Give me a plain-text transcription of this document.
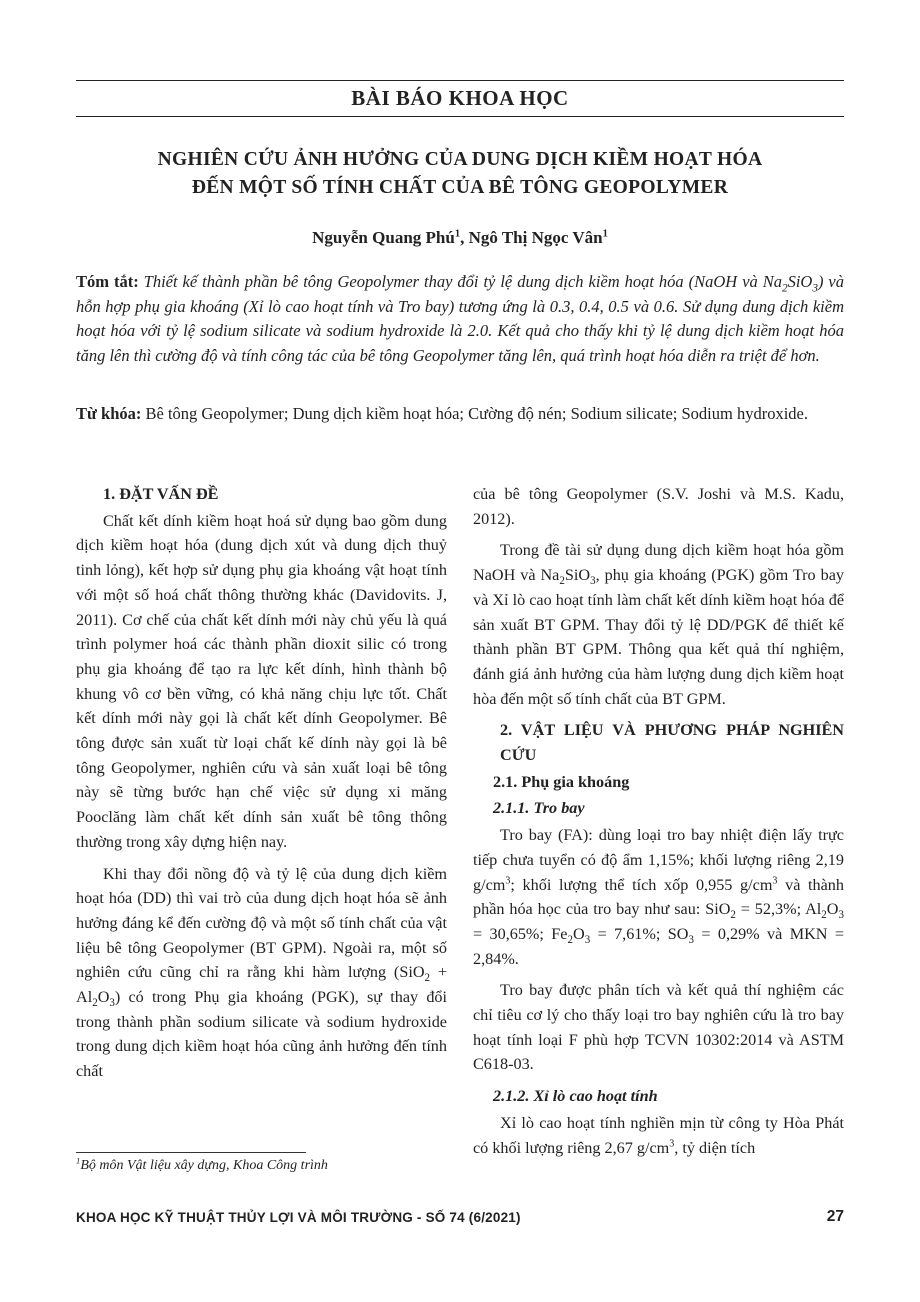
BÀI BÁO KHOA HỌC
NGHIÊN CỨU ẢNH HƯỞNG CỦA DUNG DỊCH KIỀM HOẠT HÓA
ĐẾN MỘT SỐ TÍNH CHẤT CỦA BÊ TÔNG GEOPOLYMER
Nguyễn Quang Phú$^1$, Ngô Thị Ngọc Vân$^1$
Tóm tắt: Thiết kế thành phần bê tông Geopolymer thay đổi tỷ lệ dung dịch kiềm hoạt hóa (NaOH và $Na_2SiO_3$) và hỗn hợp phụ gia khoáng (Xỉ lò cao hoạt tính và Tro bay) tương ứng là 0.3, 0.4, 0.5 và 0.6. Sử dụng dung dịch kiềm hoạt hóa với tỷ lệ sodium silicate và sodium hydroxide là 2.0. Kết quả cho thấy khi tỷ lệ dung dịch kiềm hoạt hóa tăng lên thì cường độ và tính công tác của bê tông Geopolymer tăng lên, quá trình hoạt hóa diễn ra triệt để hơn.
Từ khóa: Bê tông Geopolymer; Dung dịch kiềm hoạt hóa; Cường độ nén; Sodium silicate; Sodium hydroxide.
1. ĐẶT VẤN ĐỀ

Chất kết dính kiềm hoạt hoá sử dụng bao gồm dung dịch kiềm hoạt hóa (dung dịch xút và dung dịch thuỷ tinh lỏng), kết hợp sử dụng phụ gia khoáng vật hoạt tính với một số hoá chất thông thường khác (Davidovits. J, 2011). Cơ chế của chất kết dính mới này chủ yếu là quá trình polymer hoá các thành phần dioxit silic có trong phụ gia khoáng để tạo ra lực kết dính, hình thành bộ khung vô cơ bền vững, có khả năng chịu lực tốt. Chất kết dính mới này gọi là chất kết dính Geopolymer. Bê tông được sản xuất từ loại chất kế dính này gọi là bê tông Geopolymer, nghiên cứu và sản xuất loại bê tông này sẽ từng bước hạn chế việc sử dụng xi măng Pooclăng làm chất kết dính sản xuất bê tông thông thường trong xây dựng hiện nay.

Khi thay đổi nồng độ và tỷ lệ của dung dịch kiềm hoạt hóa (DD) thì vai trò của dung dịch hoạt hóa sẽ ảnh hưởng đáng kể đến cường độ và một số tính chất của vật liệu bê tông Geopolymer (BT GPM). Ngoài ra, một số nghiên cứu cũng chỉ ra rằng khi hàm lượng $(SiO_2 + Al_2O_3)$ có trong Phụ gia khoáng (PGK), sự thay đổi trong thành phần sodium silicate và sodium hydroxide trong dung dịch kiềm hoạt hóa cũng ảnh hưởng đến tính chất

$^1$Bộ môn Vật liệu xây dựng, Khoa Công trình

của bê tông Geopolymer (S.V. Joshi và M.S. Kadu, 2012).

Trong đề tài sử dụng dung dịch kiềm hoạt hóa gồm NaOH và $Na_2SiO_3$, phụ gia khoáng (PGK) gồm Tro bay và Xỉ lò cao hoạt tính làm chất kết dính kiềm hoạt hóa để sản xuất BT GPM. Thay đổi tỷ lệ DD/PGK để thiết kế thành phần BT GPM. Thông qua kết quả thí nghiệm, đánh giá ảnh hưởng của hàm lượng dung dịch kiềm hoạt hòa đến một số tính chất của BT GPM.

2. VẬT LIỆU VÀ PHƯƠNG PHÁP NGHIÊN CỨU
2.1. Phụ gia khoáng
2.1.1. Tro bay

Tro bay (FA): dùng loại tro bay nhiệt điện lấy trực tiếp chưa tuyển có độ ẩm 1,15%; khối lượng riêng 2,19 $g/cm^3$; khối lượng thể tích xốp 0,955 $g/cm^3$ và thành phần hóa học của tro bay như sau: SiO$_2$ = 52,3%; $Al_2O_3 = 30,65\%$; $Fe_2O_3 = 7,61\%$; $SO_3 = 0,29\%$ và MKN = 2,84%.

Tro bay được phân tích và kết quả thí nghiệm các chỉ tiêu cơ lý cho thấy loại tro bay nghiên cứu là tro bay hoạt tính loại F phù hợp TCVN 10302:2014 và ASTM C618-03.

2.1.2. Xỉ lò cao hoạt tính

Xỉ lò cao hoạt tính nghiền mịn từ công ty Hòa Phát có khối lượng riêng 2,67 $g/cm^3$, tỷ diện tích

KHOA HỌC KỸ THUẬT THỦY LỢI VÀ MÔI TRƯỜNG - SỐ 74 (6/2021)	27
